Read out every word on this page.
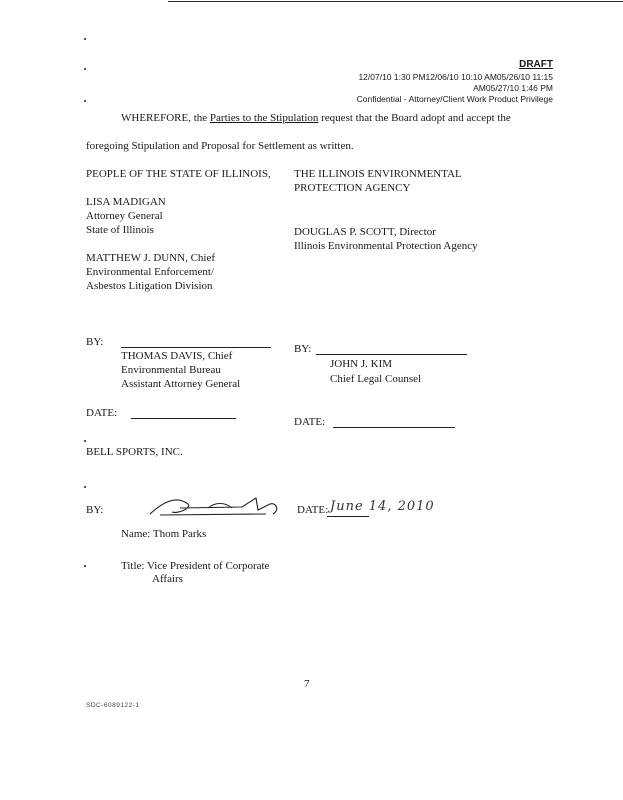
DRAFT
12/07/10 1:30 PM12/06/10 10:10 AM05/26/10 11:15
AM05/27/10 1:46 PM
Confidential - Attorney/Client Work Product Privilege
WHEREFORE, the Parties to the Stipulation request that the Board adopt and accept the
foregoing Stipulation and Proposal for Settlement as written.
PEOPLE OF THE STATE OF ILLINOIS,
LISA MADIGAN
Attorney General
State of Illinois
MATTHEW J. DUNN, Chief
Environmental Enforcement/
Asbestos Litigation Division
BY:
THOMAS DAVIS, Chief
Environmental Bureau
Assistant Attorney General
DATE:
THE ILLINOIS ENVIRONMENTAL
PROTECTION AGENCY
DOUGLAS P. SCOTT, Director
Illinois Environmental Protection Agency
BY:
JOHN J. KIM
Chief Legal Counsel
DATE:
BELL SPORTS, INC.
BY:	DATE: June 14, 2010
Name: Thom Parks
Title: Vice President of Corporate
Affairs
7
SDC-6089122-1
